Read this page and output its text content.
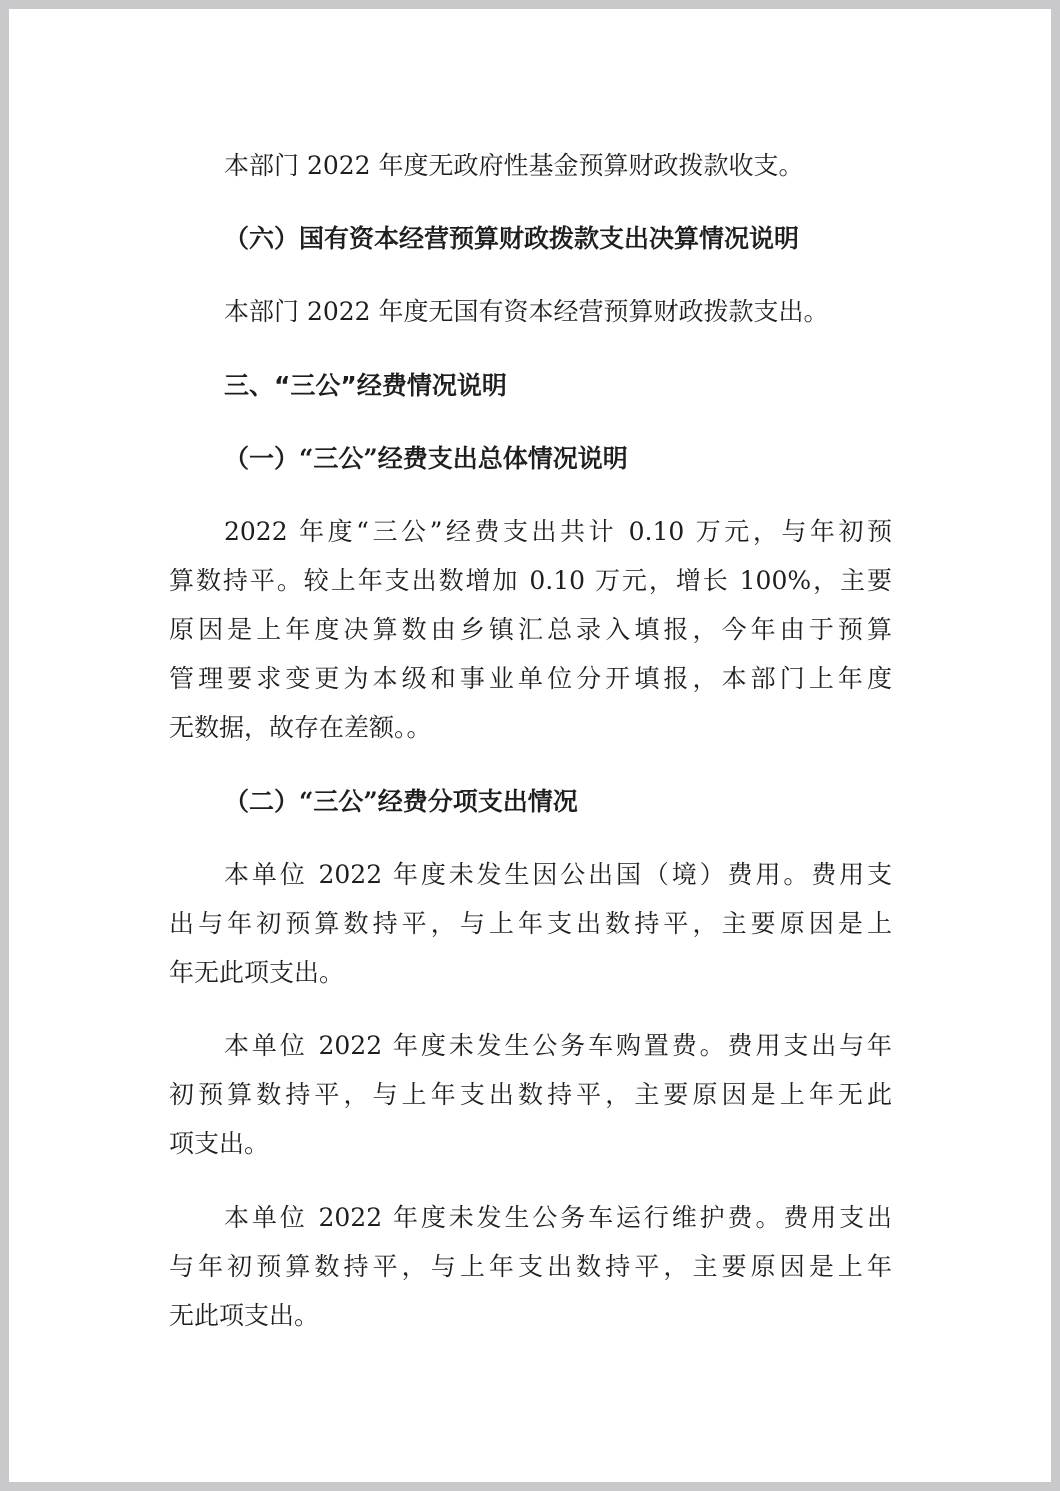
本部门 2022 年度无政府性基金预算财政拨款收支。
（六）国有资本经营预算财政拨款支出决算情况说明
本部门 2022 年度无国有资本经营预算财政拨款支出。
三、“三公”经费情况说明
（一）“三公”经费支出总体情况说明
2022 年度“三公”经费支出共计 0.10 万元，与年初预
算数持平。较上年支出数增加 0.10 万元，增长 100%，主要
原因是上年度决算数由乡镇汇总录入填报，今年由于预算
管理要求变更为本级和事业单位分开填报，本部门上年度
无数据，故存在差额。。
（二）“三公”经费分项支出情况
本单位 2022 年度未发生因公出国（境）费用。费用支
出与年初预算数持平，与上年支出数持平，主要原因是上
年无此项支出。
本单位 2022 年度未发生公务车购置费。费用支出与年
初预算数持平，与上年支出数持平，主要原因是上年无此
项支出。
本单位 2022 年度未发生公务车运行维护费。费用支出
与年初预算数持平，与上年支出数持平，主要原因是上年
无此项支出。
